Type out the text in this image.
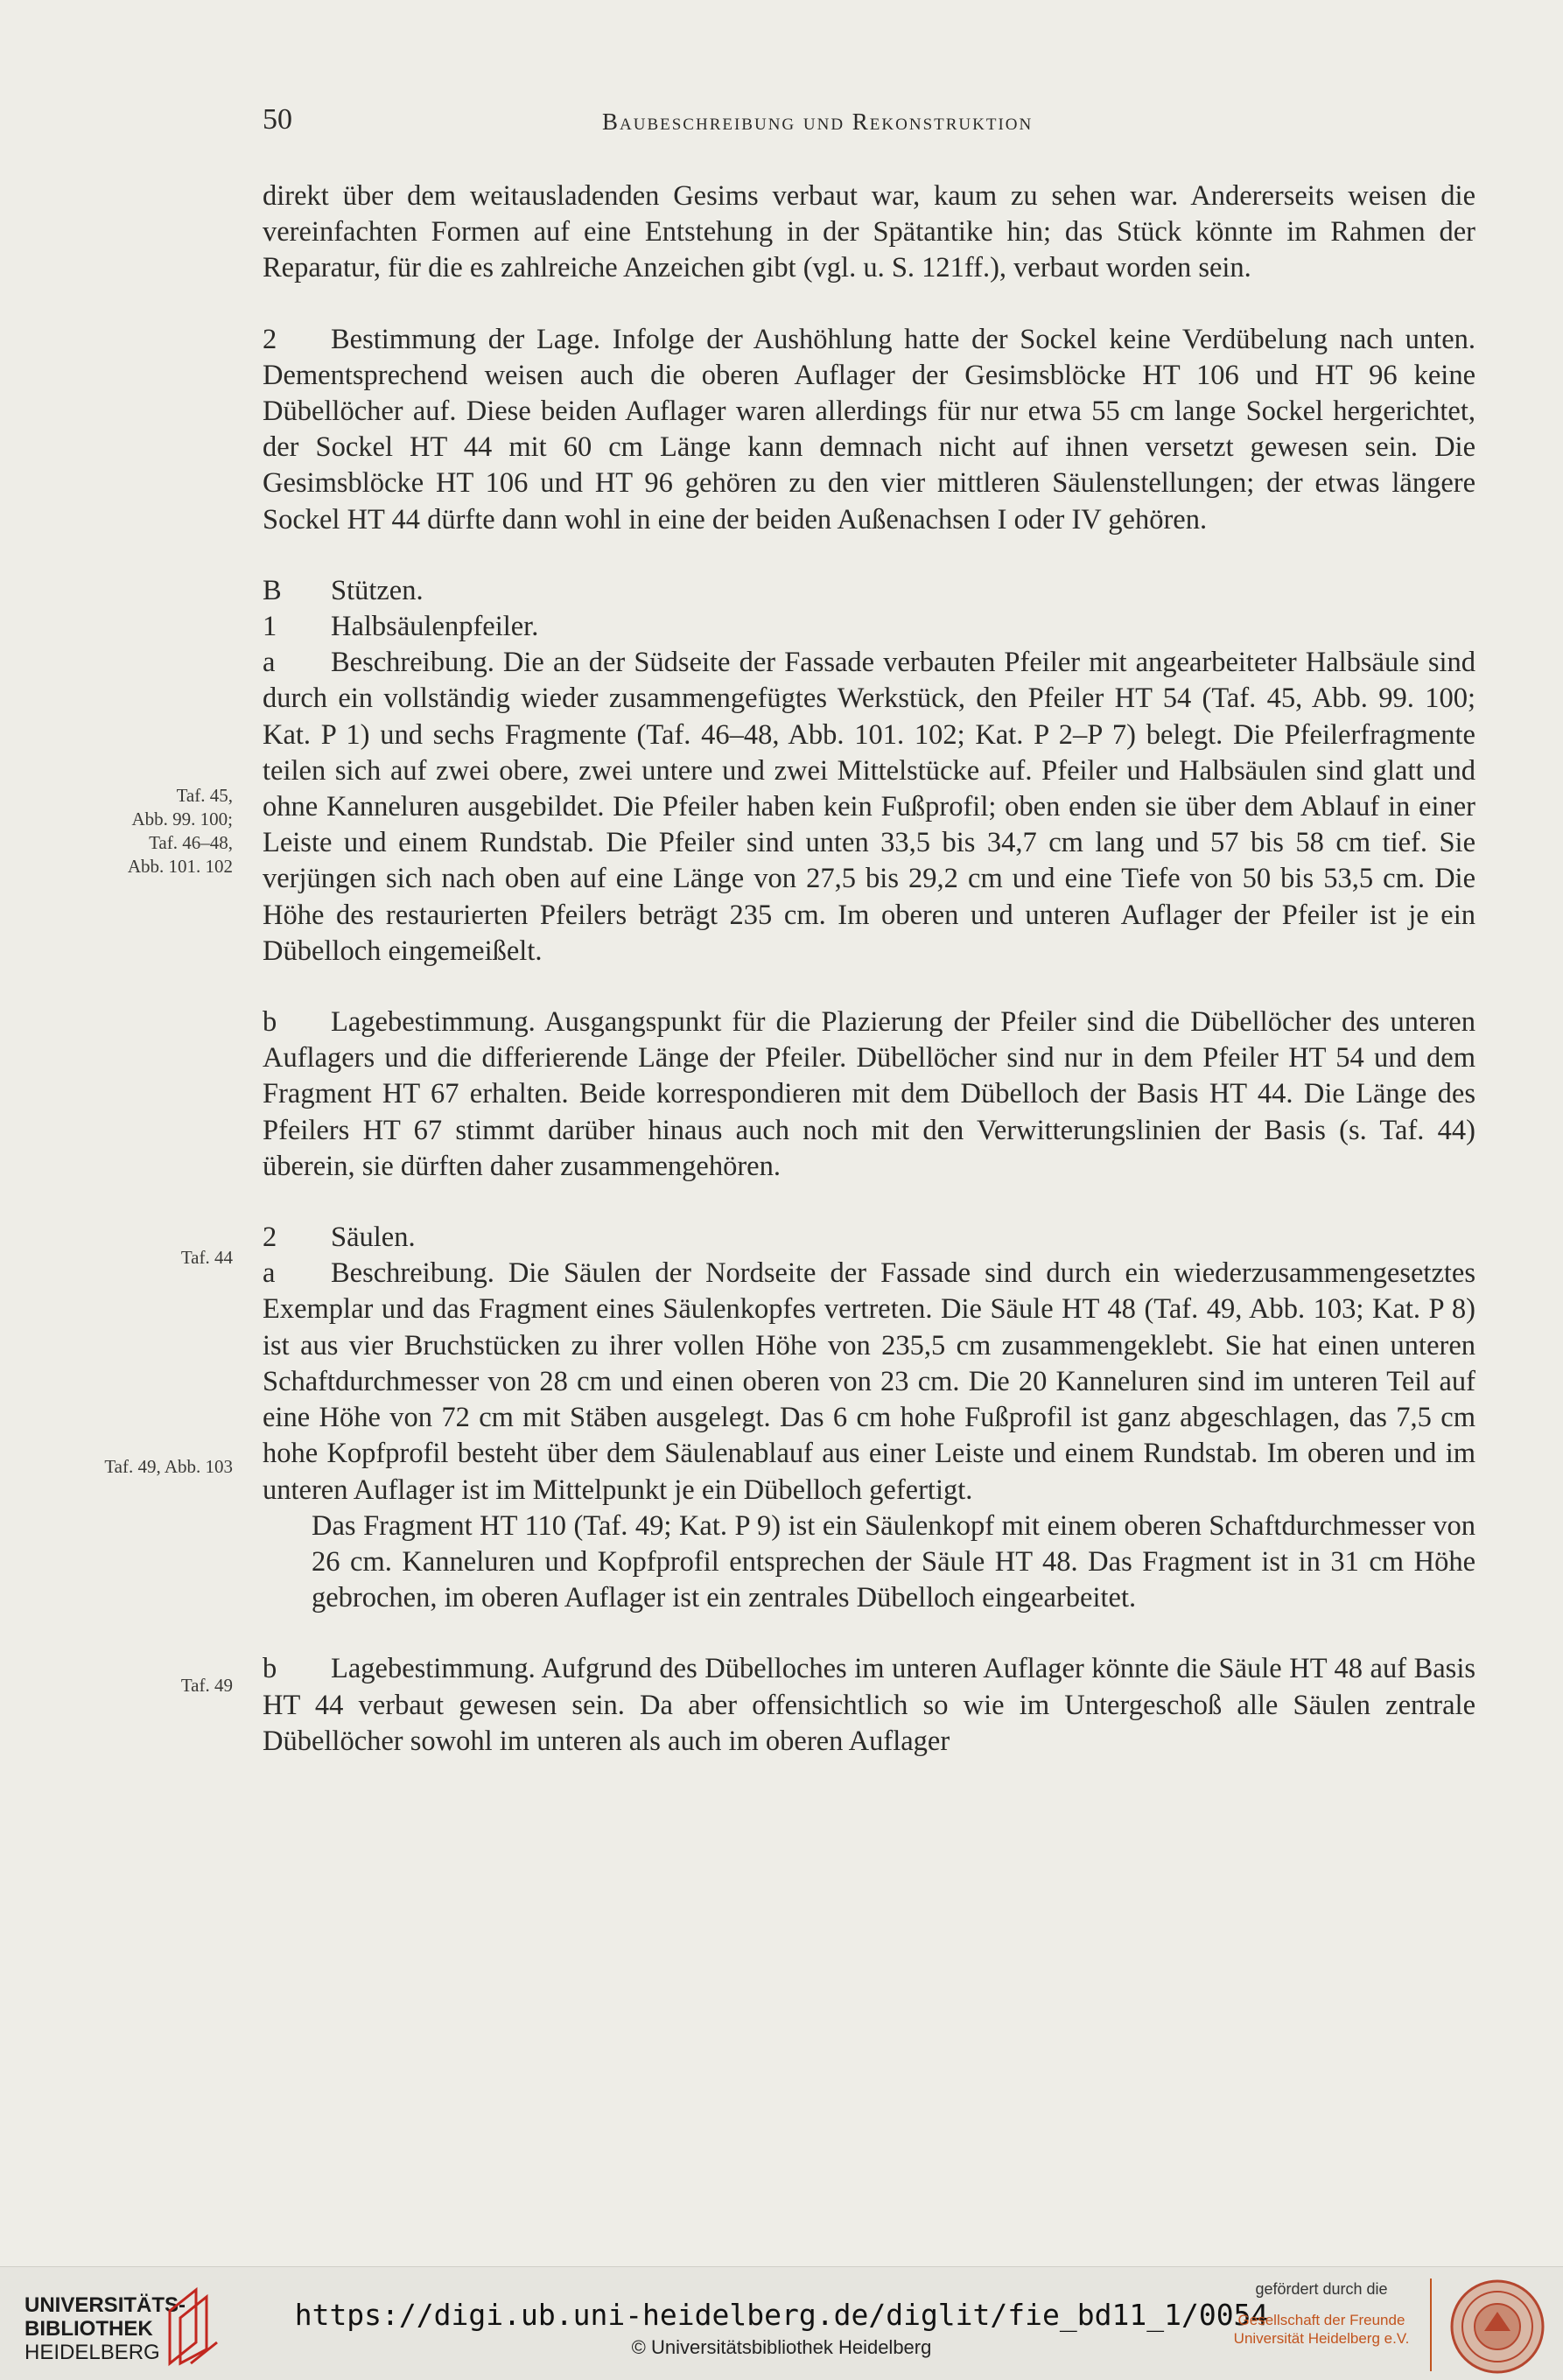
50	Baubeschreibung und Rekonstruktion
Taf. 45,
Abb. 99. 100;
Taf. 46–48,
Abb. 101. 102
Taf. 44
Taf. 49, Abb. 103
Taf. 49

direkt über dem weitausladenden Gesims verbaut war, kaum zu sehen war. Andererseits weisen die vereinfachten Formen auf eine Entstehung in der Spätantike hin; das Stück könnte im Rahmen der Reparatur, für die es zahlreiche Anzeichen gibt (vgl. u. S. 121ff.), verbaut worden sein.

2 Bestimmung der Lage. Infolge der Aushöhlung hatte der Sockel keine Verdübelung nach unten. Dementsprechend weisen auch die oberen Auflager der Gesimsblöcke HT 106 und HT 96 keine Dübellöcher auf. Diese beiden Auflager waren allerdings für nur etwa 55 cm lange Sockel hergerichtet, der Sockel HT 44 mit 60 cm Länge kann demnach nicht auf ihnen versetzt gewesen sein. Die Gesimsblöcke HT 106 und HT 96 gehören zu den vier mittleren Säulenstellungen; der etwas längere Sockel HT 44 dürfte dann wohl in eine der beiden Außenachsen I oder IV gehören.

B Stützen.

1 Halbsäulenpfeiler.

a Beschreibung. Die an der Südseite der Fassade verbauten Pfeiler mit angearbeiteter Halbsäule sind durch ein vollständig wieder zusammengefügtes Werkstück, den Pfeiler HT 54 (Taf. 45, Abb. 99. 100; Kat. P 1) und sechs Fragmente (Taf. 46–48, Abb. 101. 102; Kat. P 2–P 7) belegt. Die Pfeilerfragmente teilen sich auf zwei obere, zwei untere und zwei Mittelstücke auf. Pfeiler und Halbsäulen sind glatt und ohne Kanneluren ausgebildet. Die Pfeiler haben kein Fußprofil; oben enden sie über dem Ablauf in einer Leiste und einem Rundstab. Die Pfeiler sind unten 33,5 bis 34,7 cm lang und 57 bis 58 cm tief. Sie verjüngen sich nach oben auf eine Länge von 27,5 bis 29,2 cm und eine Tiefe von 50 bis 53,5 cm. Die Höhe des restaurierten Pfeilers beträgt 235 cm. Im oberen und unteren Auflager der Pfeiler ist je ein Dübelloch eingemeißelt.

b Lagebestimmung. Ausgangspunkt für die Plazierung der Pfeiler sind die Dübellöcher des unteren Auflagers und die differierende Länge der Pfeiler. Dübellöcher sind nur in dem Pfeiler HT 54 und dem Fragment HT 67 erhalten. Beide korrespondieren mit dem Dübelloch der Basis HT 44. Die Länge des Pfeilers HT 67 stimmt darüber hinaus auch noch mit den Verwitterungslinien der Basis (s. Taf. 44) überein, sie dürften daher zusammengehören.

2 Säulen.

a Beschreibung. Die Säulen der Nordseite der Fassade sind durch ein wiederzusammengesetztes Exemplar und das Fragment eines Säulenkopfes vertreten. Die Säule HT 48 (Taf. 49, Abb. 103; Kat. P 8) ist aus vier Bruchstücken zu ihrer vollen Höhe von 235,5 cm zusammengeklebt. Sie hat einen unteren Schaftdurchmesser von 28 cm und einen oberen von 23 cm. Die 20 Kanneluren sind im unteren Teil auf eine Höhe von 72 cm mit Stäben ausgelegt. Das 6 cm hohe Fußprofil ist ganz abgeschlagen, das 7,5 cm hohe Kopfprofil besteht über dem Säulenablauf aus einer Leiste und einem Rundstab. Im oberen und im unteren Auflager ist im Mittelpunkt je ein Dübelloch gefertigt.

Das Fragment HT 110 (Taf. 49; Kat. P 9) ist ein Säulenkopf mit einem oberen Schaftdurchmesser von 26 cm. Kanneluren und Kopfprofil entsprechen der Säule HT 48. Das Fragment ist in 31 cm Höhe gebrochen, im oberen Auflager ist ein zentrales Dübelloch eingearbeitet.

b Lagebestimmung. Aufgrund des Dübelloches im unteren Auflager könnte die Säule HT 48 auf Basis HT 44 verbaut gewesen sein. Da aber offensichtlich so wie im Untergeschoß alle Säulen zentrale Dübellöcher sowohl im unteren als auch im oberen Auflager

UNIVERSITÄTS-
BIBLIOTHEK
HEIDELBERG
https://digi.ub.uni-heidelberg.de/diglit/fie_bd11_1/0054
© Universitätsbibliothek Heidelberg
gefördert durch die
Gesellschaft der Freunde
Universität Heidelberg e.V.
